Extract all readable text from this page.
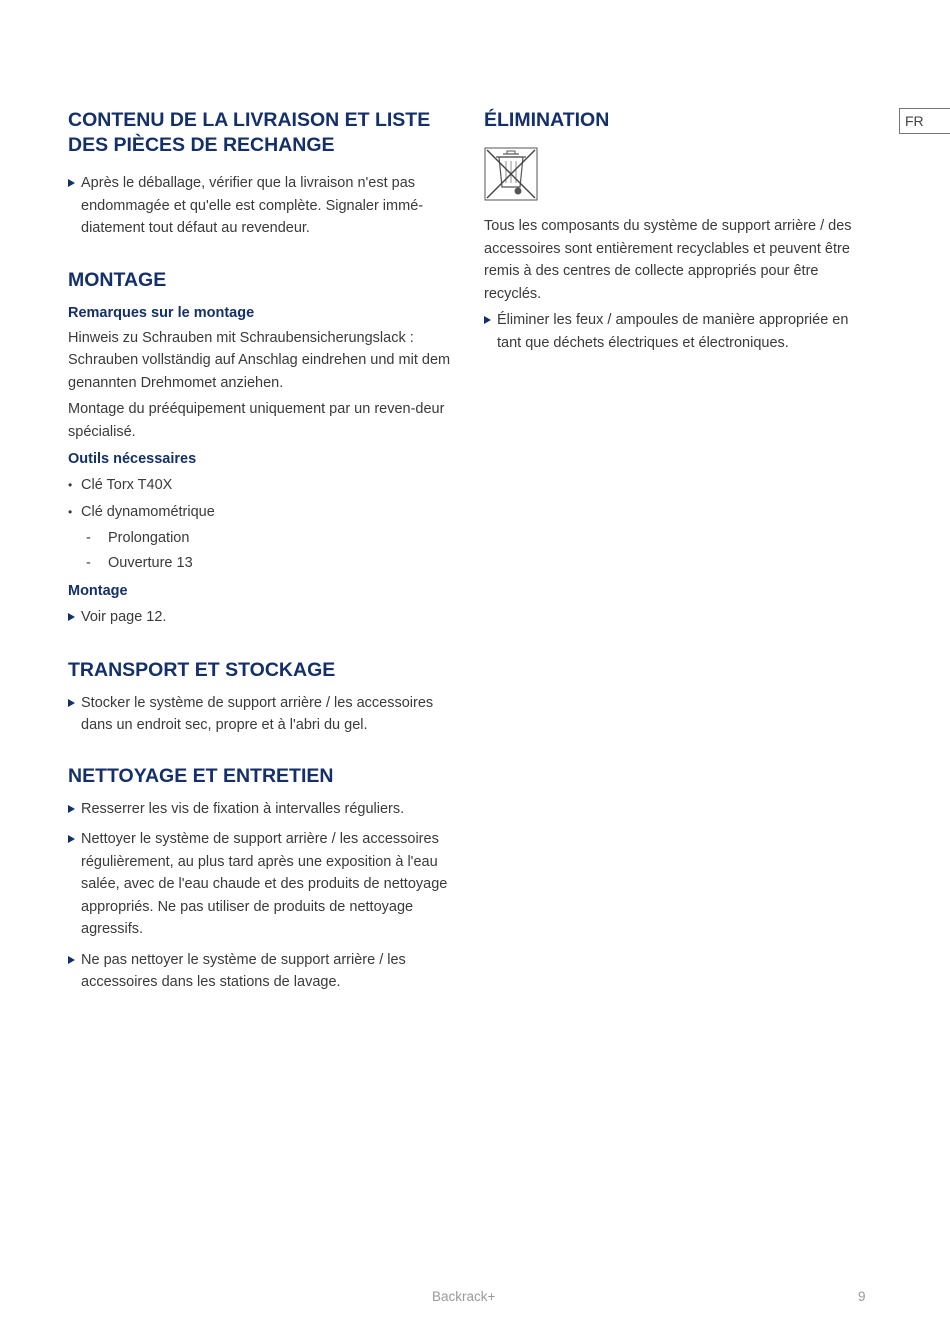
FR
CONTENU DE LA LIVRAISON ET LISTE DES PIÈCES DE RECHANGE
Après le déballage, vérifier que la livraison n'est pas endommagée et qu'elle est complète. Signaler immé-diatement tout défaut au revendeur.
MONTAGE
Remarques sur le montage

Hinweis zu Schrauben mit Schraubensicherungslack : Schrauben vollständig auf Anschlag eindrehen und mit dem genannten Drehmomet anziehen.

Montage du prééquipement uniquement par un reven-deur spécialisé.

Outils nécessaires
• Clé Torx T40X
• Clé dynamométrique
- Prolongation
- Ouverture 13
Montage
Voir page 12.
TRANSPORT ET STOCKAGE
Stocker le système de support arrière / les accessoires dans un endroit sec, propre et à l'abri du gel.
NETTOYAGE ET ENTRETIEN
Resserrer les vis de fixation à intervalles réguliers.
Nettoyer le système de support arrière / les accessoires régulièrement, au plus tard après une exposition à l'eau salée, avec de l'eau chaude et des produits de nettoyage appropriés. Ne pas utiliser de produits de nettoyage agressifs.
Ne pas nettoyer le système de support arrière / les accessoires dans les stations de lavage.
ÉLIMINATION

Tous les composants du système de support arrière / des accessoires sont entièrement recyclables et peuvent être remis à des centres de collecte appropriés pour être recyclés.

Éliminer les feux / ampoules de manière appropriée en tant que déchets électriques et électroniques.
Backrack+	9
